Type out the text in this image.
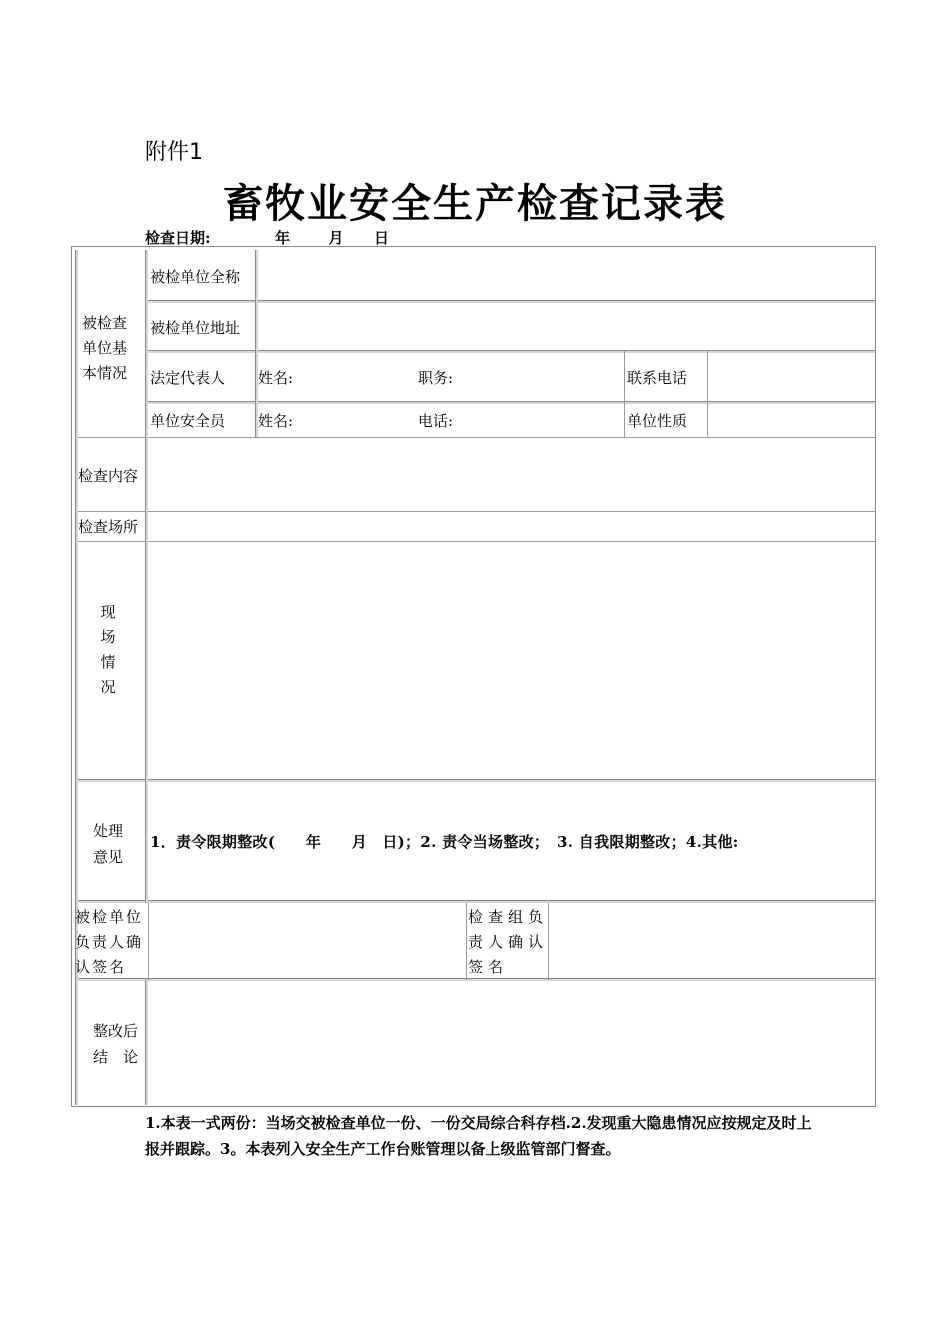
附件1
畜牧业安全生产检查记录表
检查日期:	年	月 日
被检查
单位基
本情况
被检单位全称
被检单位地址
法定代表人 姓名:	职务:	联系电话
单位安全员 姓名:	电话:	单位性质
检查内容
检查场所
现
场
情
况
处理
意见
1．责令限期整改(　　年　　月　日)；2. 责令当场整改；　3. 自我限期整改；4.其他:
被检单位
负责人确
认签名
检查组负
责人确认
签名
整改后
结　论
1.本表一式两份：当场交被检查单位一份、一份交局综合科存档.2.发现重大隐患情况应按规定及时上报并跟踪。3。本表列入安全生产工作台账管理以备上级监管部门督查。
